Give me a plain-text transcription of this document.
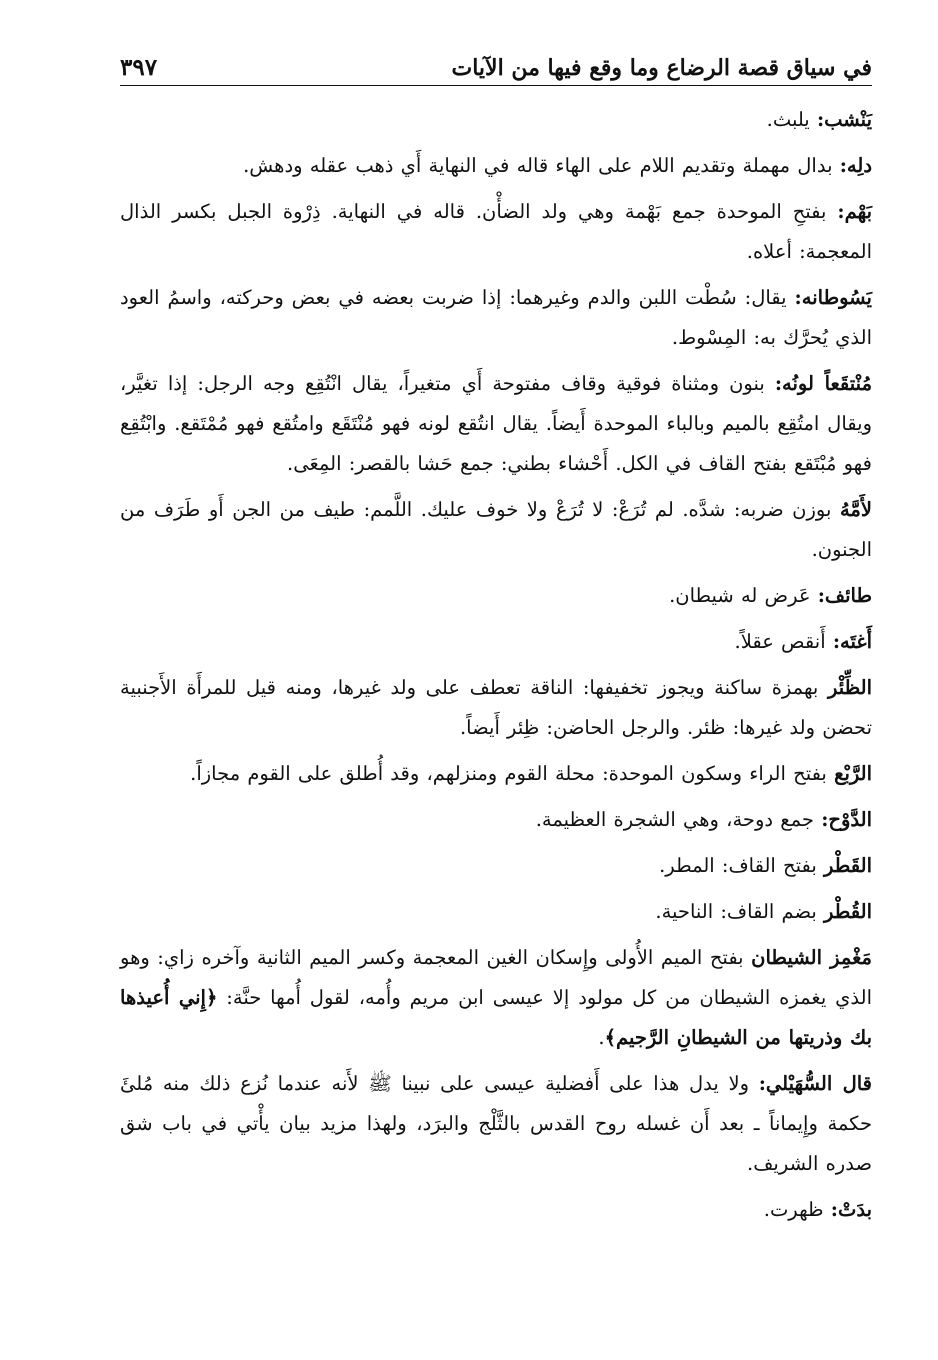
في سياق قصة الرضاع وما وقع فيها من الآيات
٣٩٧

يَنْشب: يلبث.

دلِه: بدال مهملة وتقديم اللام على الهاء قاله في النهاية أَي ذهب عقله ودهش.

بَهْم: بفتحِ الموحدة جمع بَهْمة وهي ولد الضأْن. قاله في النهاية. ذِرْوة الجبل بكسر الذال المعجمة: أعلاه.

يَسُوطانه: يقال: سُطْت اللبن والدم وغيرهما: إذا ضربت بعضه في بعض وحركته، واسمُ العود الذي يُحرَّك به: المِسْوط.

مُنْتقَعاً لونُه: بنون ومثناة فوقية وقاف مفتوحة أَي متغيراً، يقال انْتُقِع وجه الرجل: إذا تغيَّر، ويقال امتُقِع بالميم وبالباء الموحدة أَيضاً. يقال انتُقع لونه فهو مُنْتَقَع وامتُقع فهو مُمْتَقع. وابْتُقِع فهو مُبْتَقع بفتح القاف في الكل. أَحْشاء بطني: جمع حَشا بالقصر: المِعَى.

لأَمَّهُ بوزن ضربه: شدَّه. لم تُرَعْ: لا تُرَعْ ولا خوف عليك. اللَّمم: طيف من الجن أَو طَرَف من الجنون.

طائف: عَرض له شيطان.

أَغتَه: أَنقص عقلاً.

الظِّئْر بهمزة ساكنة ويجوز تخفيفها: الناقة تعطف على ولد غيرها، ومنه قيل للمرأَة الأَجنبية تحضن ولد غيرها: ظئر. والرجل الحاضن: ظِئر أَيضاً.

الرَّبْع بفتح الراء وسكون الموحدة: محلة القوم ومنزلهم، وقد أُطلق على القوم مجازاً.

الدَّوْح: جمع دوحة، وهي الشجرة العظيمة.

القَطْر بفتح القاف: المطر.

القُطْر بضم القاف: الناحية.

مَغْمِز الشيطان بفتح الميم الأُولى وإِسكان الغين المعجمة وكسر الميم الثانية وآخره زاي: وهو الذي يغمزه الشيطان من كل مولود إلا عيسى ابن مريم وأُمه، لقول أُمها حنَّة: ﴿إِني أُعيذها بك وذريتها من الشيطانِ الرَّجيم﴾.

قال السُّهَيْلي: ولا يدل هذا على أَفضلية عيسى على نبينا ﷺ لأَنه عندما نُزع ذلك منه مُلئَ حكمة وإِيماناً ـ بعد أَن غسله روح القدس بالثَّلْج والبرَد، ولهذا مزيد بيان يأْتي في باب شق صدره الشريف.

بدَتْ: ظهرت.
